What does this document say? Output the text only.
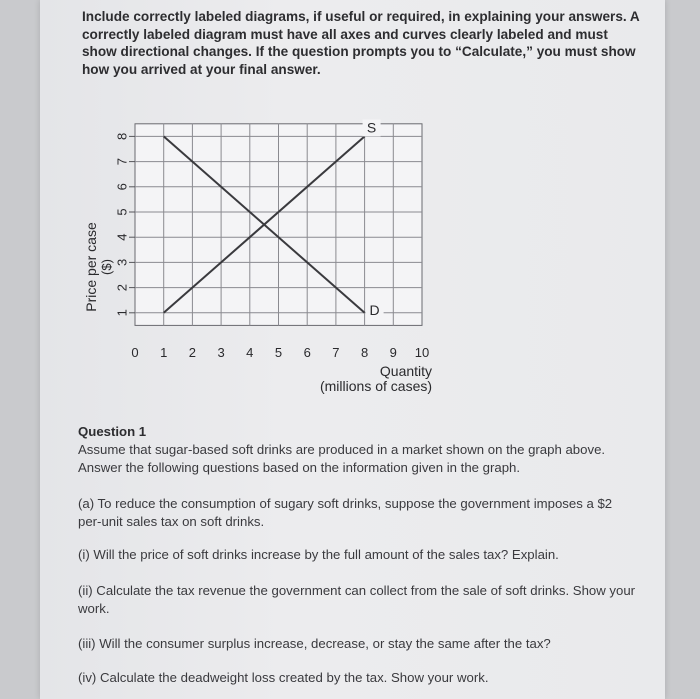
Include correctly labeled diagrams, if useful or required, in explaining your answers. A correctly labeled diagram must have all axes and curves clearly labeled and must show directional changes. If the question prompts you to “Calculate,” you must show how you arrived at your final answer.

1
2
3
4
5
6
7
8
0 1 2 3 4 5 6 7 8 9 10
S
D
Price per case ($)
Quantity
(millions of cases)

Question 1

Assume that sugar-based soft drinks are produced in a market shown on the graph above. Answer the following questions based on the information given in the graph.

(a) To reduce the consumption of sugary soft drinks, suppose the government imposes a $2 per-unit sales tax on soft drinks.

(i) Will the price of soft drinks increase by the full amount of the sales tax? Explain.

(ii) Calculate the tax revenue the government can collect from the sale of soft drinks. Show your work.

(iii) Will the consumer surplus increase, decrease, or stay the same after the tax?

(iv) Calculate the deadweight loss created by the tax. Show your work.
